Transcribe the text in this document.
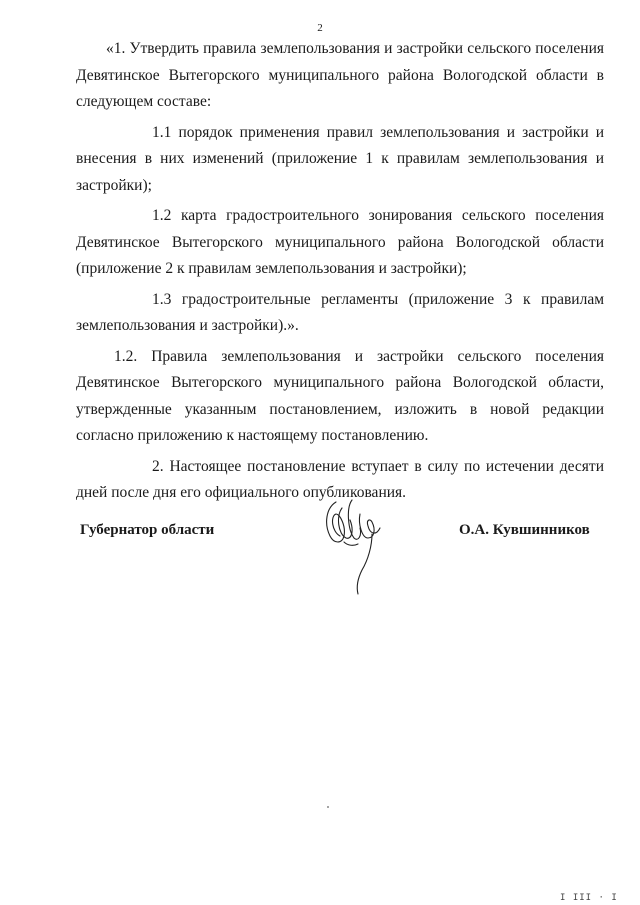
2

«1. Утвердить правила землепользования и застройки сельского поселения Девятинское Вытегорского муниципального района Вологодской области в следующем составе:

1.1 порядок применения правил землепользования и застройки и внесения в них изменений (приложение 1 к правилам землепользования и застройки);

1.2 карта градостроительного зонирования сельского поселения Девятинское Вытегорского муниципального района Вологодской области (приложение 2 к правилам землепользования и застройки);

1.3 градостроительные регламенты (приложение 3 к правилам землепользования и застройки).».

1.2. Правила землепользования и застройки сельского поселения Девятинское Вытегорского муниципального района Вологодской области, утвержденные указанным постановлением, изложить в новой редакции согласно приложению к настоящему постановлению.

2. Настоящее постановление вступает в силу по истечении десяти дней после дня его официального опубликования.

Губернатор области	О.А. Кувшинников
I III · I
